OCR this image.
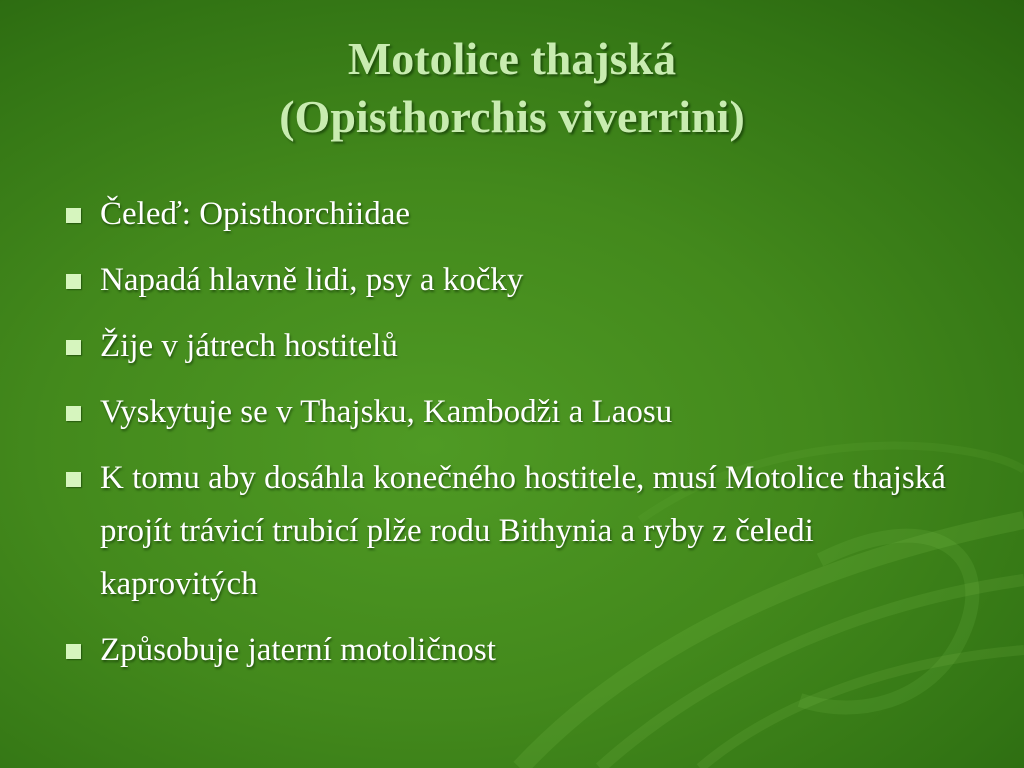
Motolice thajská
(Opisthorchis viverrini)
Čeleď: Opisthorchiidae
Napadá hlavně lidi, psy a kočky
Žije v játrech hostitelů
Vyskytuje se v Thajsku, Kambodži a Laosu
K tomu aby dosáhla konečného hostitele, musí Motolice thajská projít trávicí trubicí plže rodu Bithynia a ryby z čeledi kaprovitých
Způsobuje jaterní motoličnost
